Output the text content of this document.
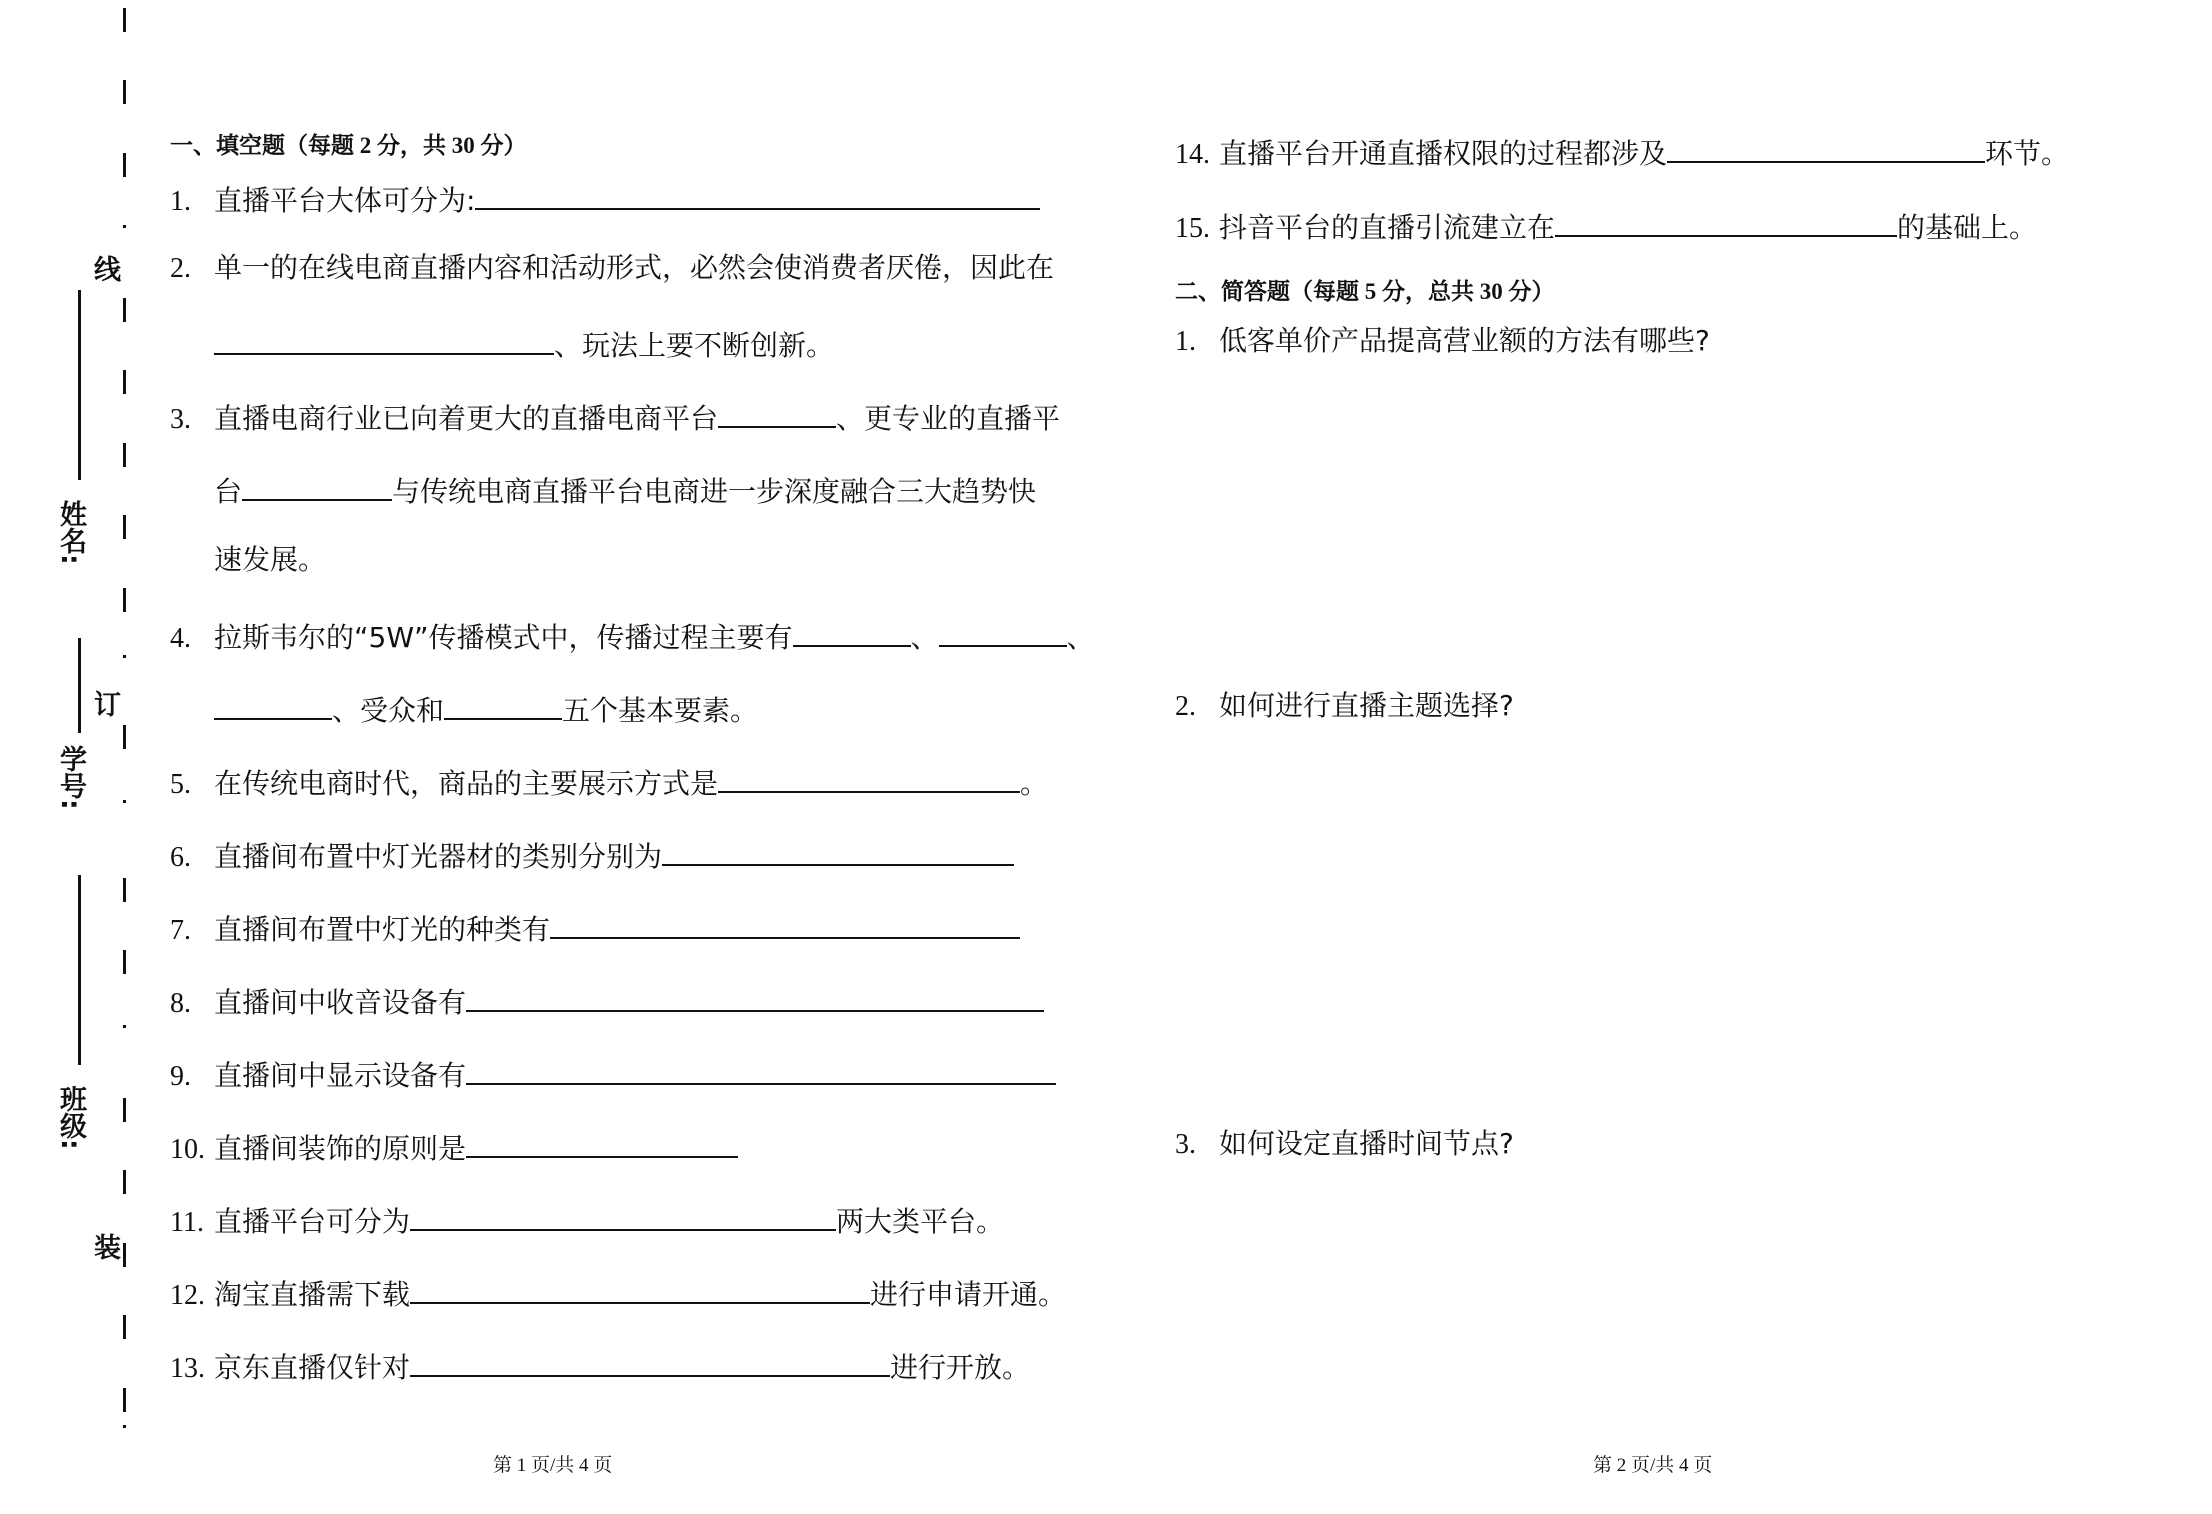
线
订
装
姓名:
学号:
班级:
一、填空题（每题 2 分，共 30 分）
1. 直播平台大体可分为:
2. 单一的在线电商直播内容和活动形式，必然会使消费者厌倦，因此在
、玩法上要不断创新。
3. 直播电商行业已向着更大的直播电商平台	、更专业的直播平
台	与传统电商直播平台电商进一步深度融合三大趋势快
速发展。
4. 拉斯韦尔的“5W”传播模式中，传播过程主要有	、	、
、受众和	五个基本要素。
5. 在传统电商时代，商品的主要展示方式是	。
6. 直播间布置中灯光器材的类别分别为
7. 直播间布置中灯光的种类有
8. 直播间中收音设备有
9. 直播间中显示设备有
10. 直播间装饰的原则是
11. 直播平台可分为	两大类平台。
12. 淘宝直播需下载	进行申请开通。
13. 京东直播仅针对	进行开放。
第 1 页/共 4 页
14. 直播平台开通直播权限的过程都涉及	环节。
15. 抖音平台的直播引流建立在	的基础上。
二、简答题（每题 5 分，总共 30 分）
1. 低客单价产品提高营业额的方法有哪些?
2. 如何进行直播主题选择?
3. 如何设定直播时间节点?
第 2 页/共 4 页
